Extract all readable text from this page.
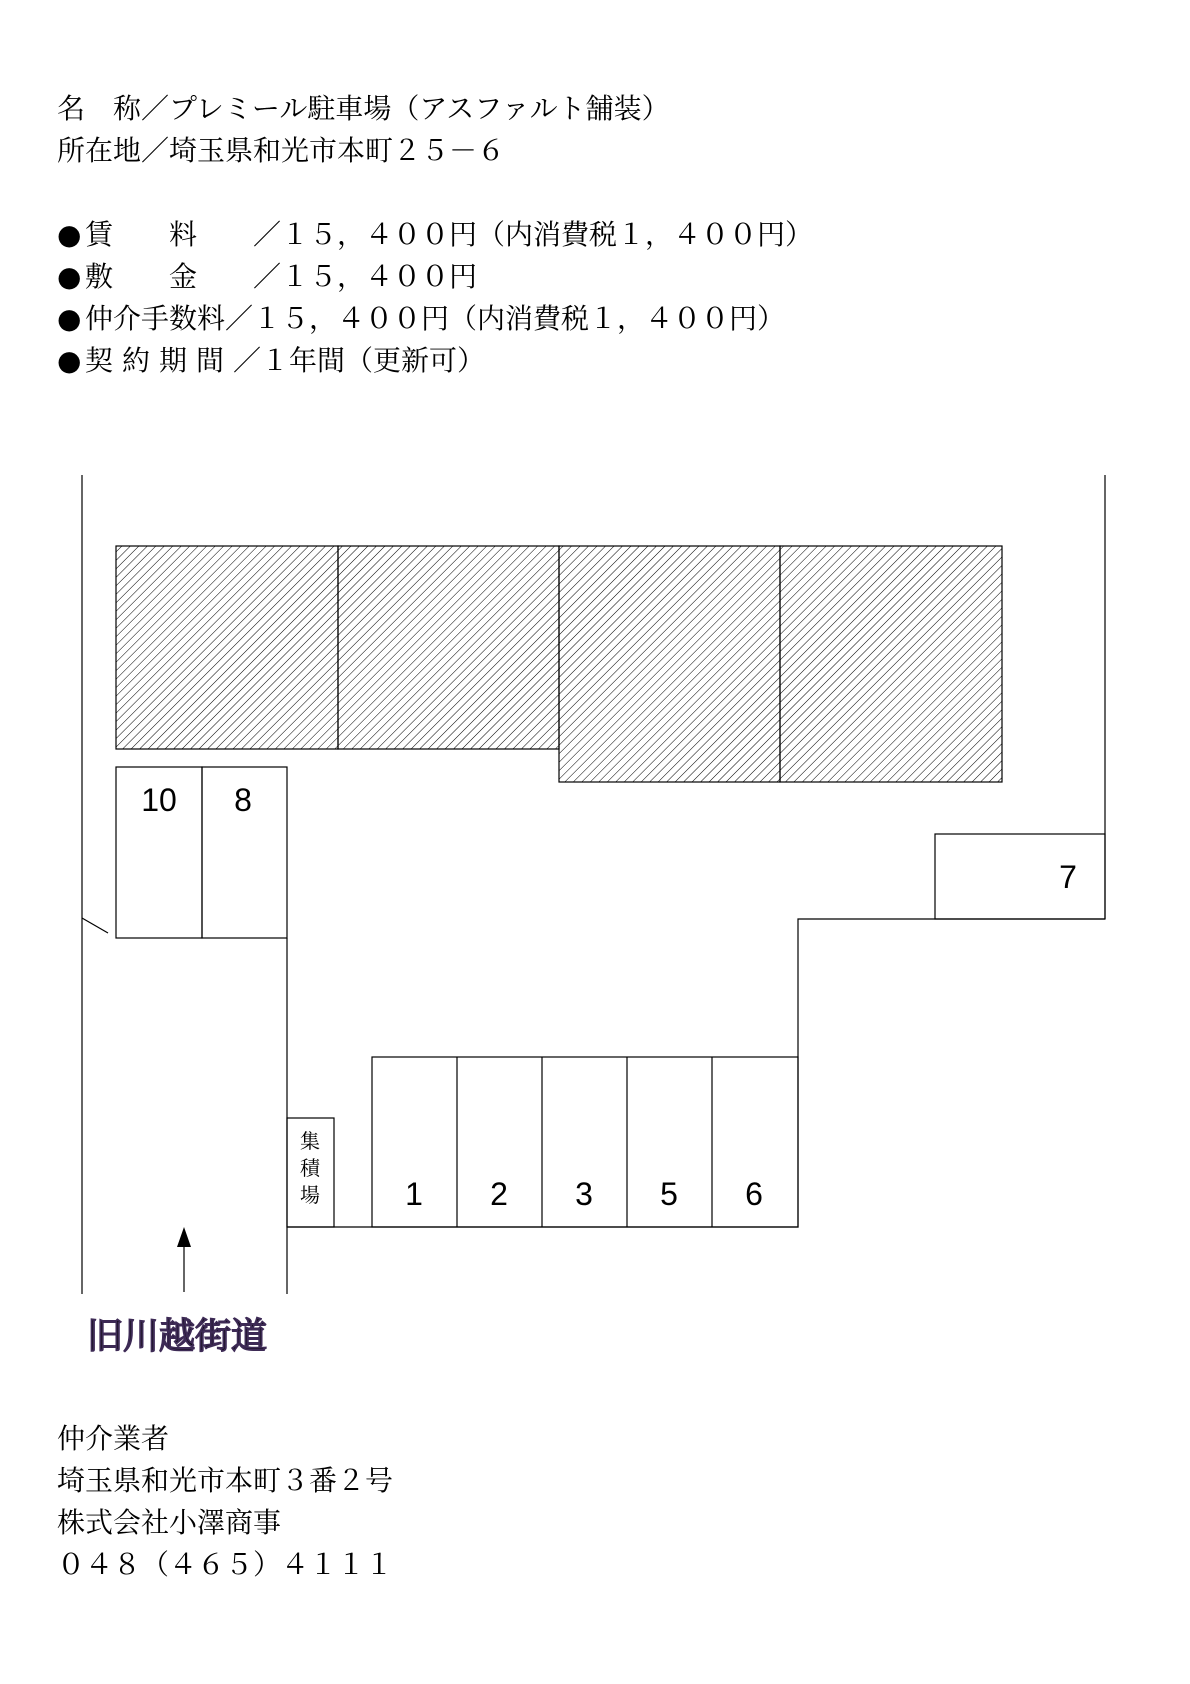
名　称／プレミール駐車場（アスファルト舗装）
所在地／埼玉県和光市本町２５－６
● 賃　　料 ／１５，４００円（内消費税１，４００円）
● 敷　　金 ／１５，４００円
● 仲介手数料／１５，４００円（内消費税１，４００円）
● 契約期間／１年間（更新可）
10 8
7
1 2 3 5 6
集
積
場
旧川越街道
仲介業者
埼玉県和光市本町３番２号
株式会社小澤商事
０４８（４６５）４１１１
